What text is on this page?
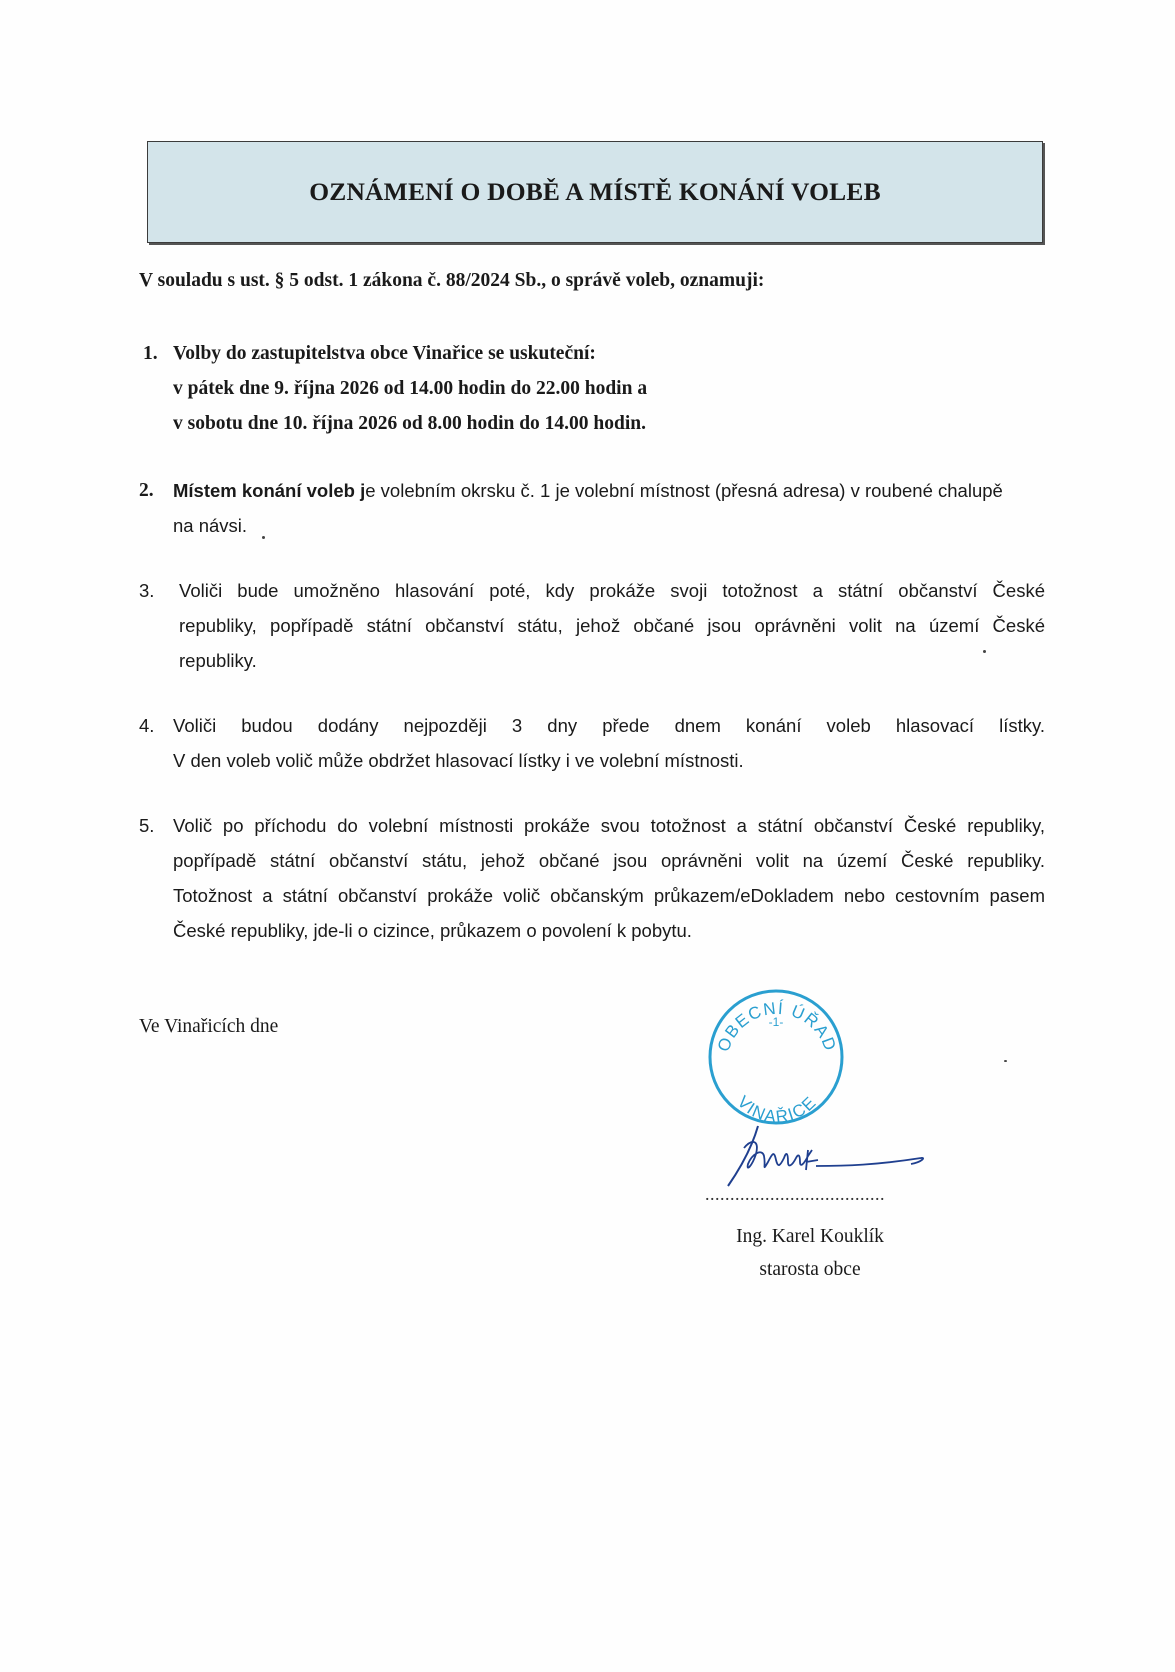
OZNÁMENÍ O DOBĚ A MÍSTĚ KONÁNÍ VOLEB
V souladu s ust. § 5 odst. 1 zákona č. 88/2024 Sb., o správě voleb, oznamuji:
1. Volby do zastupitelstva obce Vinařice se uskuteční:
v pátek dne 9. října 2026 od 14.00 hodin do 22.00 hodin a
v sobotu dne 10. října 2026 od 8.00 hodin do 14.00 hodin.
2.	Místem konání voleb je volebním okrsku č. 1 je volební místnost (přesná adresa) v roubené chalupě
na návsi.
3.	Voliči bude umožněno hlasování poté, kdy prokáže svoji totožnost a státní občanství České
republiky, popřípadě státní občanství státu, jehož občané jsou oprávněni volit na území České
republiky.
4.	Voliči budou dodány nejpozději 3 dny přede dnem konání voleb hlasovací lístky.
V den voleb volič může obdržet hlasovací lístky i ve volební místnosti.
5.	Volič po příchodu do volební místnosti prokáže svou totožnost a státní občanství České republiky,
popřípadě státní občanství státu, jehož občané jsou oprávněni volit na území České republiky.
Totožnost a státní občanství prokáže volič občanským průkazem/eDokladem nebo cestovním pasem
České republiky, jde-li o cizince, průkazem o povolení k pobytu.
Ve Vinařicích dne
OBECNÍ ÚŘAD
-1-
VINAŘICE
....................................
Ing. Karel Kouklík
starosta obce
